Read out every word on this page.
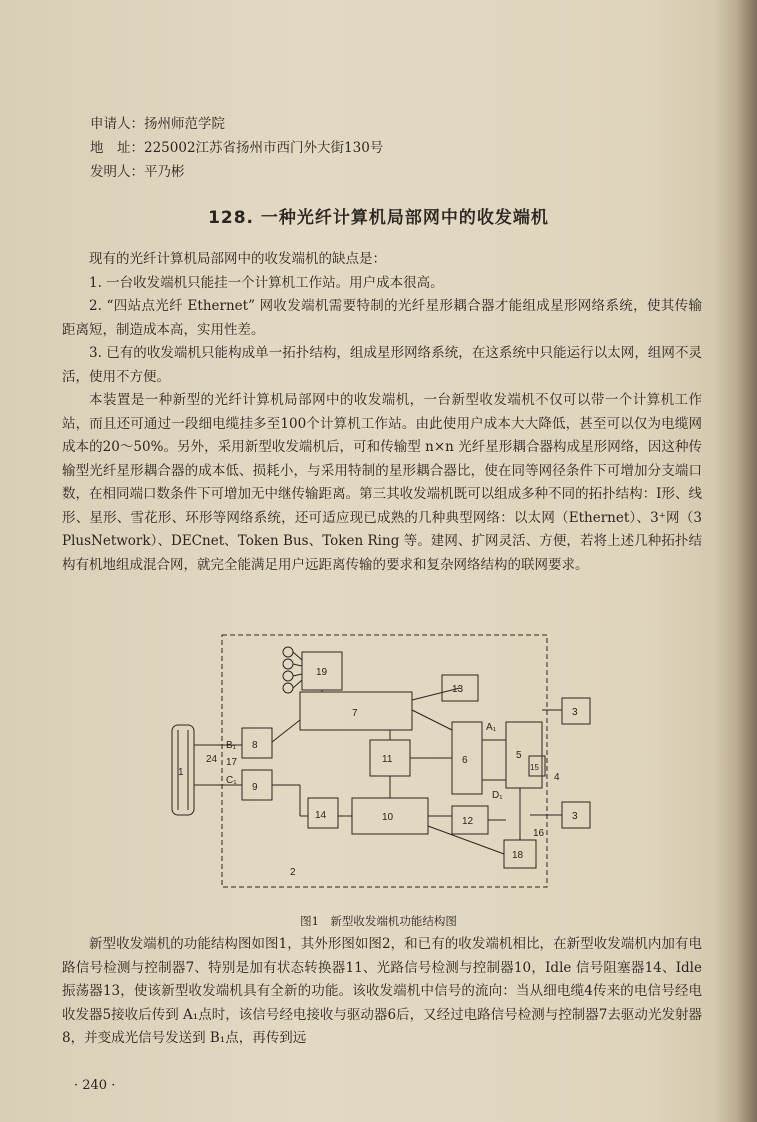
申请人：扬州师范学院
地　址：225002江苏省扬州市西门外大街130号
发明人：平乃彬
128. 一种光纤计算机局部网中的收发端机

现有的光纤计算机局部网中的收发端机的缺点是：

1. 一台收发端机只能挂一个计算机工作站。用户成本很高。

2. “四站点光纤 Ethernet” 网收发端机需要特制的光纤星形耦合器才能组成星形网络系统，使其传输距离短，制造成本高，实用性差。

3. 已有的收发端机只能构成单一拓扑结构，组成星形网络系统，在这系统中只能运行以太网，组网不灵活，使用不方便。

本装置是一种新型的光纤计算机局部网中的收发端机，一台新型收发端机不仅可以带一个计算机工作站，而且还可通过一段细电缆挂多至100个计算机工作站。由此使用户成本大大降低，甚至可以仅为电缆网成本的20～50%。另外，采用新型收发端机后，可和传输型 n×n 光纤星形耦合器构成星形网络，因这种传输型光纤星形耦合器的成本低、损耗小，与采用特制的星形耦合器比，使在同等网径条件下可增加分支端口数，在相同端口数条件下可增加无中继传输距离。第三其收发端机既可以组成多种不同的拓扑结构：I形、线形、星形、雪花形、环形等网络系统，还可适应现已成熟的几种典型网络：以太网（Ethernet）、3⁺网（3 PlusNetwork）、DECnet、Token Bus、Token Ring 等。建网、扩网灵活、方便，若将上述几种拓扑结构有机地组成混合网，就完全能满足用户远距离传输的要求和复杂网络结构的联网要求。

19
1
24
B₁
17
C₁
8
9
7
13
11	6
A₁
D₁
5
15
4
3
3
10
14
12
16
18
2
图1　新型收发端机功能结构图

新型收发端机的功能结构图如图1，其外形图如图2，和已有的收发端机相比，在新型收发端机内加有电路信号检测与控制器7、特别是加有状态转换器11、光路信号检测与控制器10，Idle 信号阻塞器14、Idle 振荡器13，使该新型收发端机具有全新的功能。该收发端机中信号的流向：当从细电缆4传来的电信号经电收发器5接收后传到 A₁点时，该信号经电接收与驱动器6后，又经过电路信号检测与控制器7去驱动光发射器8，并变成光信号发送到 B₁点，再传到远

· 240 ·
